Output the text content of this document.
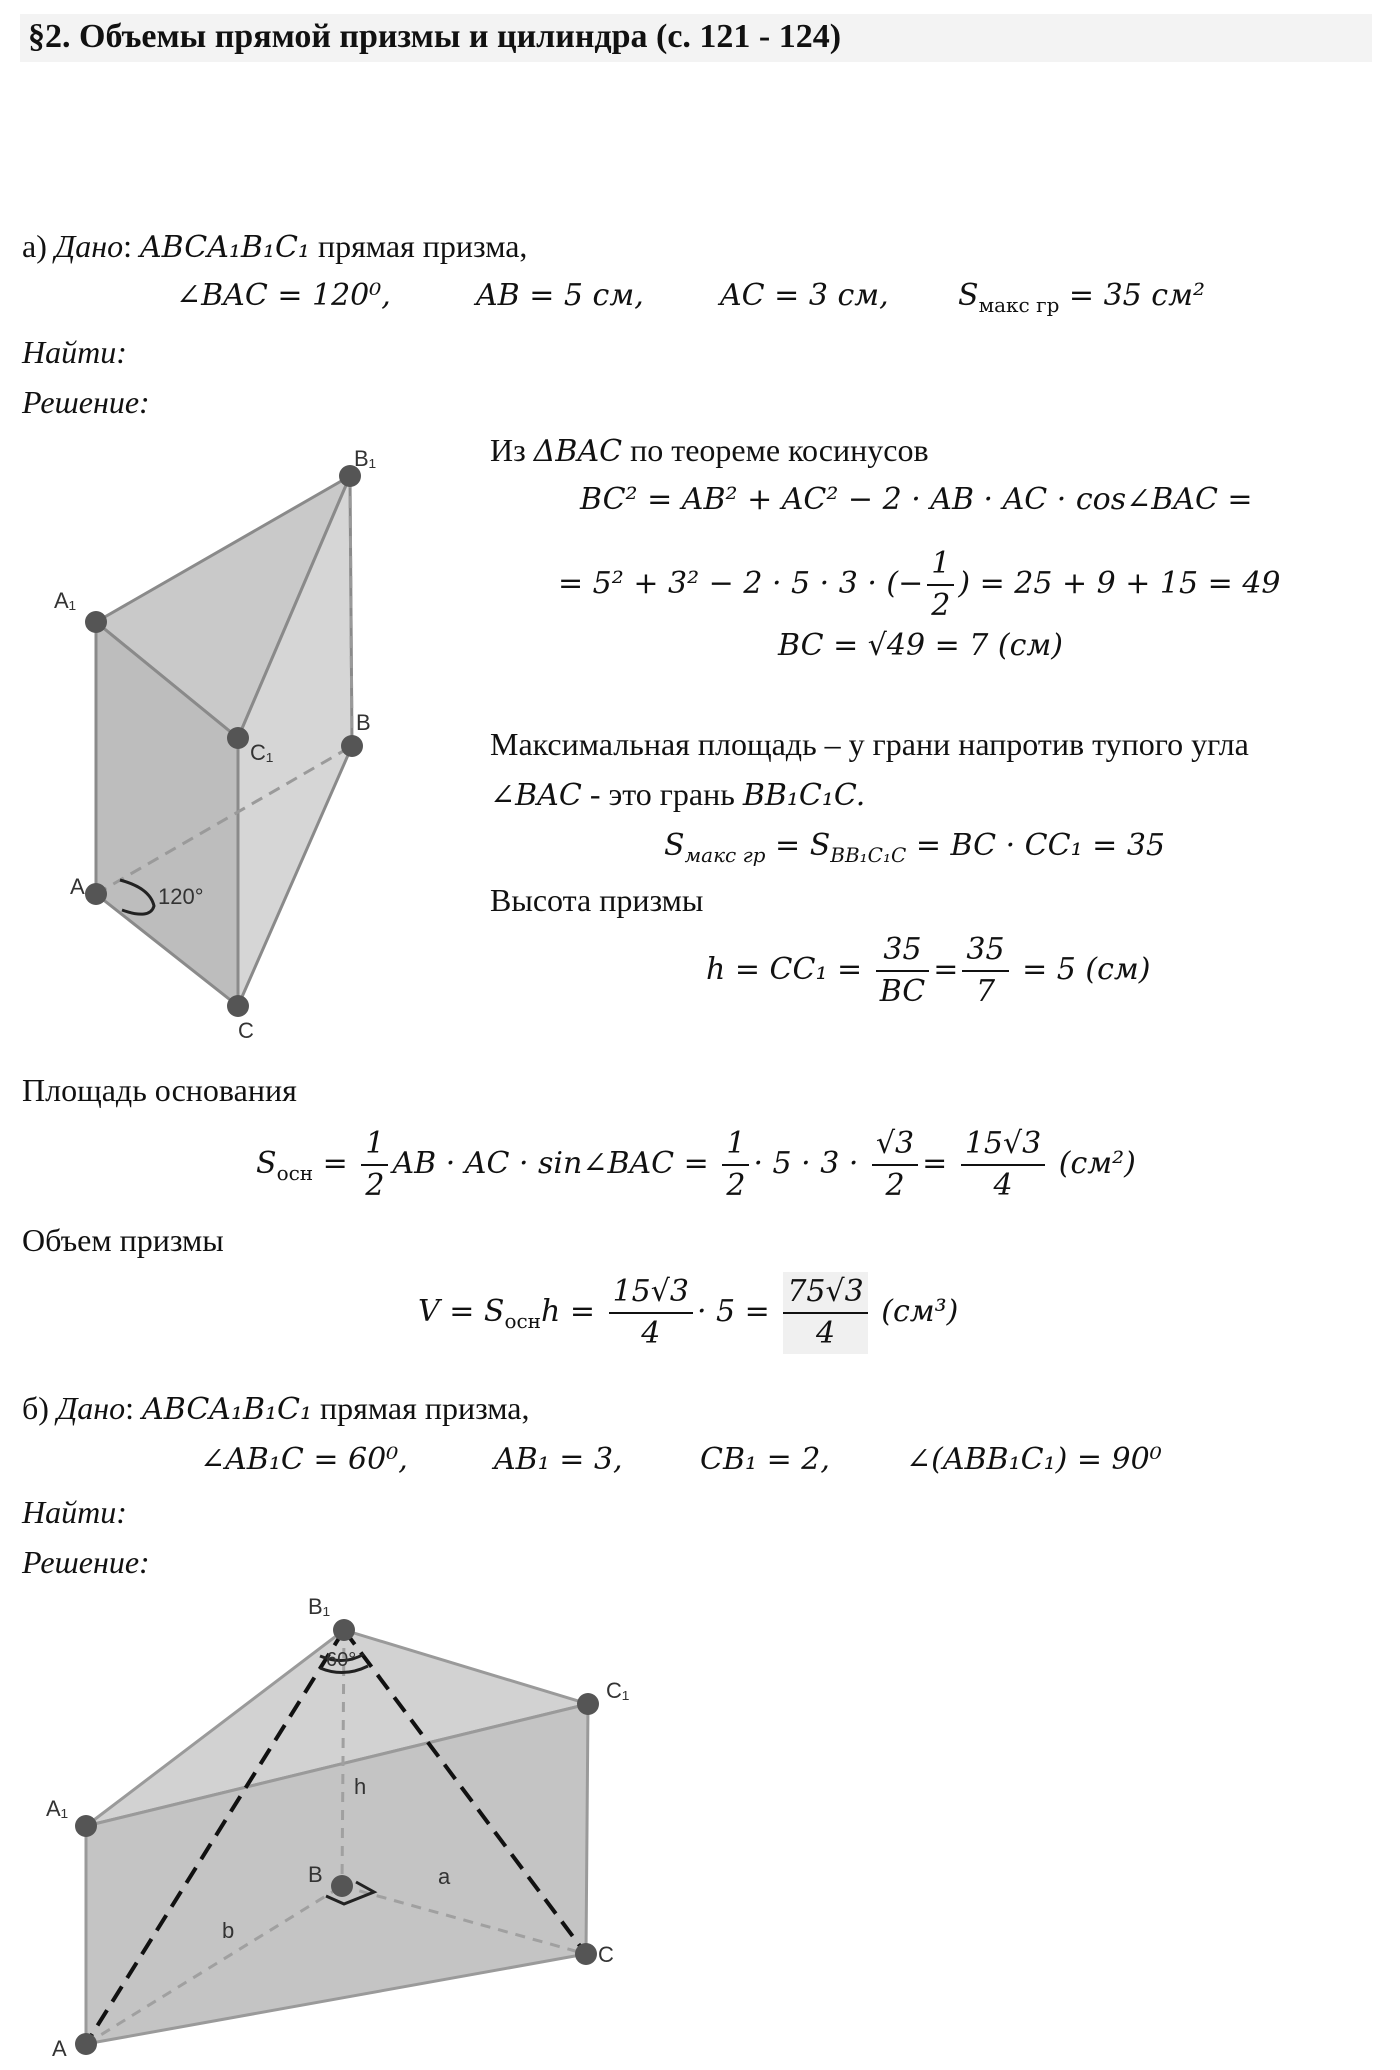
§2. Объемы прямой призмы и цилиндра (с. 121 - 124)
а) Дано: ABCA₁B₁C₁ прямая призма,
∠BAC = 120⁰,	AB = 5 см,	AC = 3 см, $S_{макс гр} = 35$ см²
Найти:
Решение:
A₁
B₁
C₁
B
A
C
120°
Из ΔBAC по теореме косинусов
BC² = AB² + AC² − 2 · AB · AC · cos∠BAC =
= 5² + 3² − 2 · 5 · 3 · (− $\frac{1}{2}$ ) = 25 + 9 + 15 = 49
BC = √49 = 7 (см)
Максимальная площадь – у грани напротив тупого угла
∠BAC - это грань BB₁C₁C.
$S_{макс гр} = S_{BB_1C_1C}$ = BC · CC₁ = 35
Высота призмы
$h = CC_1 = \frac{35}{BC} = \frac{35}{7} = 5$ (см)
Площадь основания
$S_{осн} = \frac{1}{2}$ AB · AC · sin∠BAC = $\frac{1}{2} \cdot 5 \cdot 3 \cdot \frac{√3}{2} = \frac{15√3}{4} (см^2)$
Объем призмы
$V = S_{осн}h = \frac{15√3}{4} \cdot 5 = \frac{75√3}{4} (см^3)$
б) Дано: ABCA₁B₁C₁ прямая призма,
∠AB₁C = 60⁰,	AB₁ = 3,	CB₁ = 2,	∠(ABB₁C₁) = 90⁰
Найти:
Решение:
B₁
C₁
A₁
B
C
A
60°
h
a
b
